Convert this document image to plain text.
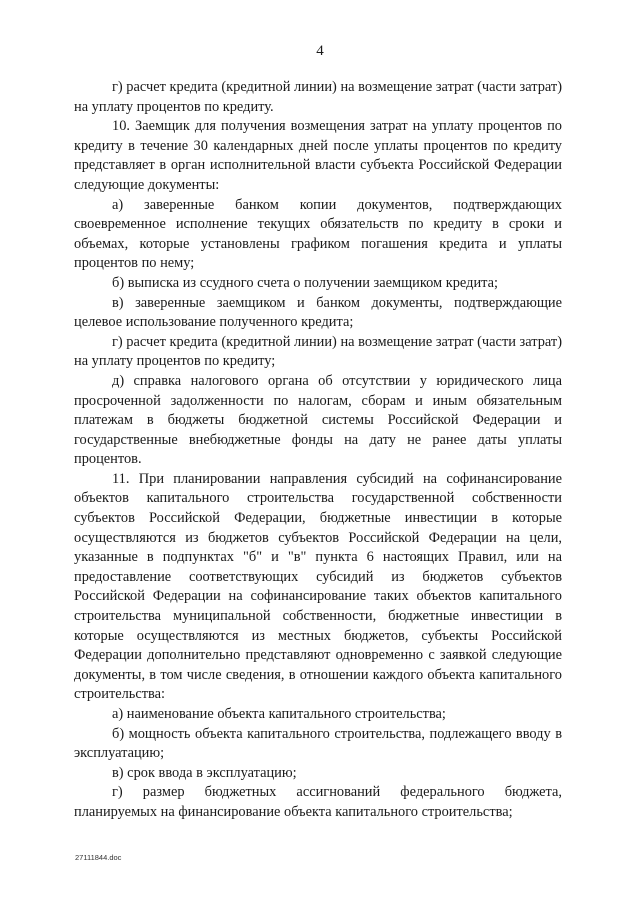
4

г) расчет кредита (кредитной линии) на возмещение затрат (части затрат) на уплату процентов по кредиту.

10. Заемщик для получения возмещения затрат на уплату процентов по кредиту в течение 30 календарных дней после уплаты процентов по кредиту представляет в орган исполнительной власти субъекта Российской Федерации следующие документы:

а) заверенные банком копии документов, подтверждающих своевременное исполнение текущих обязательств по кредиту в сроки и объемах, которые установлены графиком погашения кредита и уплаты процентов по нему;

б) выписка из ссудного счета о получении заемщиком кредита;

в) заверенные заемщиком и банком документы, подтверждающие целевое использование полученного кредита;

г) расчет кредита (кредитной линии) на возмещение затрат (части затрат) на уплату процентов по кредиту;

д) справка налогового органа об отсутствии у юридического лица просроченной задолженности по налогам, сборам и иным обязательным платежам в бюджеты бюджетной системы Российской Федерации и государственные внебюджетные фонды на дату не ранее даты уплаты процентов.

11. При планировании направления субсидий на софинансирование объектов капитального строительства государственной собственности субъектов Российской Федерации, бюджетные инвестиции в которые осуществляются из бюджетов субъектов Российской Федерации на цели, указанные в подпунктах "б" и "в" пункта 6 настоящих Правил, или на предоставление соответствующих субсидий из бюджетов субъектов Российской Федерации на софинансирование таких объектов капитального строительства муниципальной собственности, бюджетные инвестиции в которые осуществляются из местных бюджетов, субъекты Российской Федерации дополнительно представляют одновременно с заявкой следующие документы, в том числе сведения, в отношении каждого объекта капитального строительства:

а) наименование объекта капитального строительства;

б) мощность объекта капитального строительства, подлежащего вводу в эксплуатацию;

в) срок ввода в эксплуатацию;

г) размер бюджетных ассигнований федерального бюджета, планируемых на финансирование объекта капитального строительства;

27111844.doc
